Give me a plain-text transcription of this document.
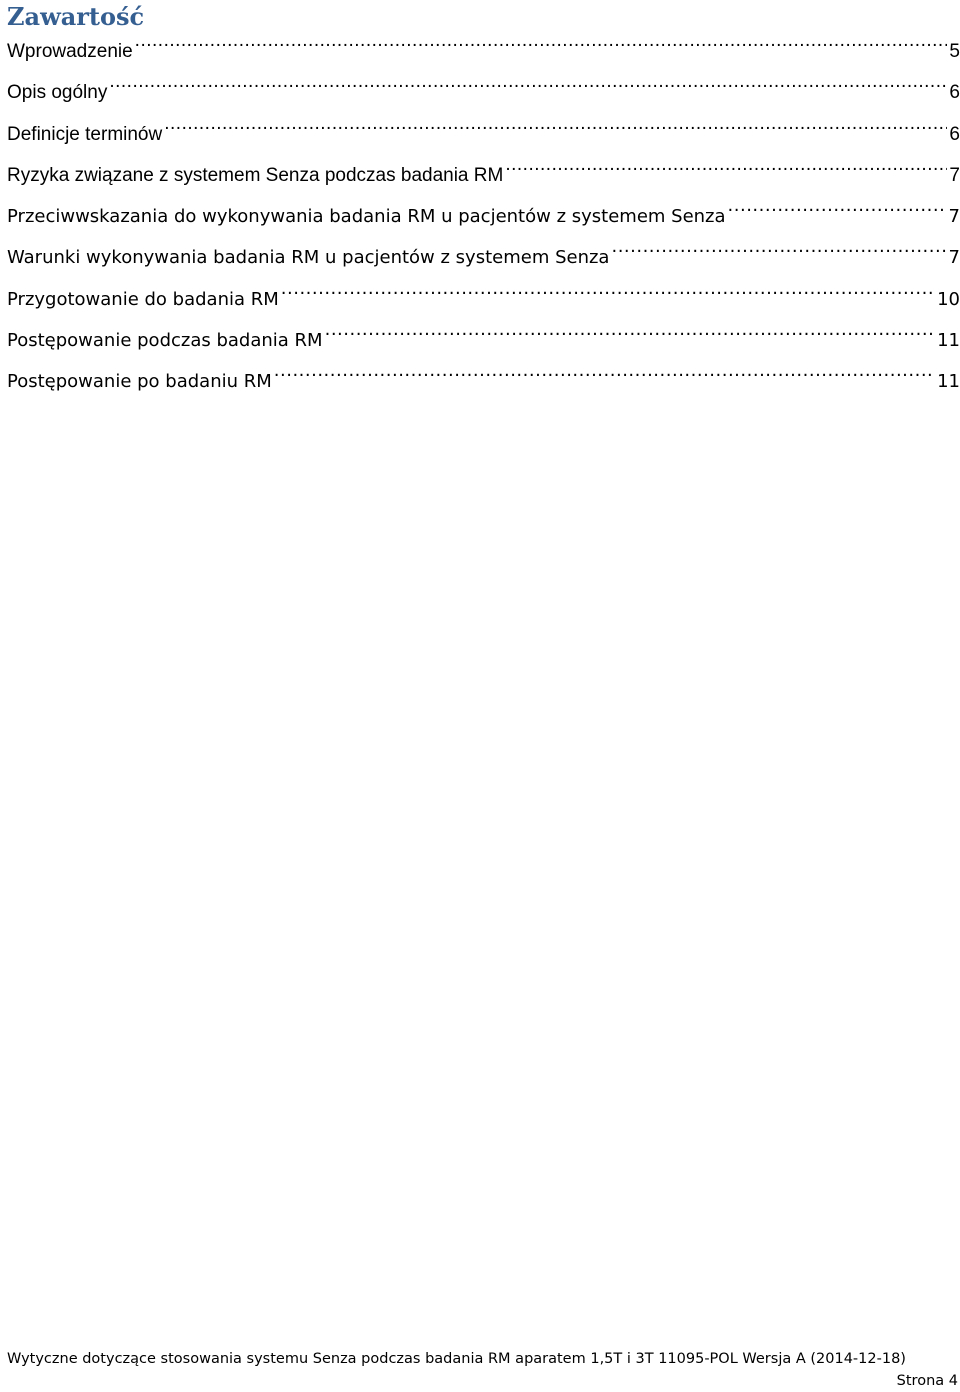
Zawartość
Wprowadzenie .....	5
Opis ogólny .....	6
Definicje terminów .....	6
Ryzyka związane z systemem Senza podczas badania RM .....	7
Przeciwwskazania do wykonywania badania RM u pacjentów z systemem Senza .....	7
Warunki wykonywania badania RM u pacjentów z systemem Senza .....	7
Przygotowanie do badania RM .....	10
Postępowanie podczas badania RM .....	11
Postępowanie po badaniu RM .....	11
Wytyczne dotyczące stosowania systemu Senza podczas badania RM aparatem 1,5T i 3T 11095-POL Wersja A (2014-12-18)
Strona 4
